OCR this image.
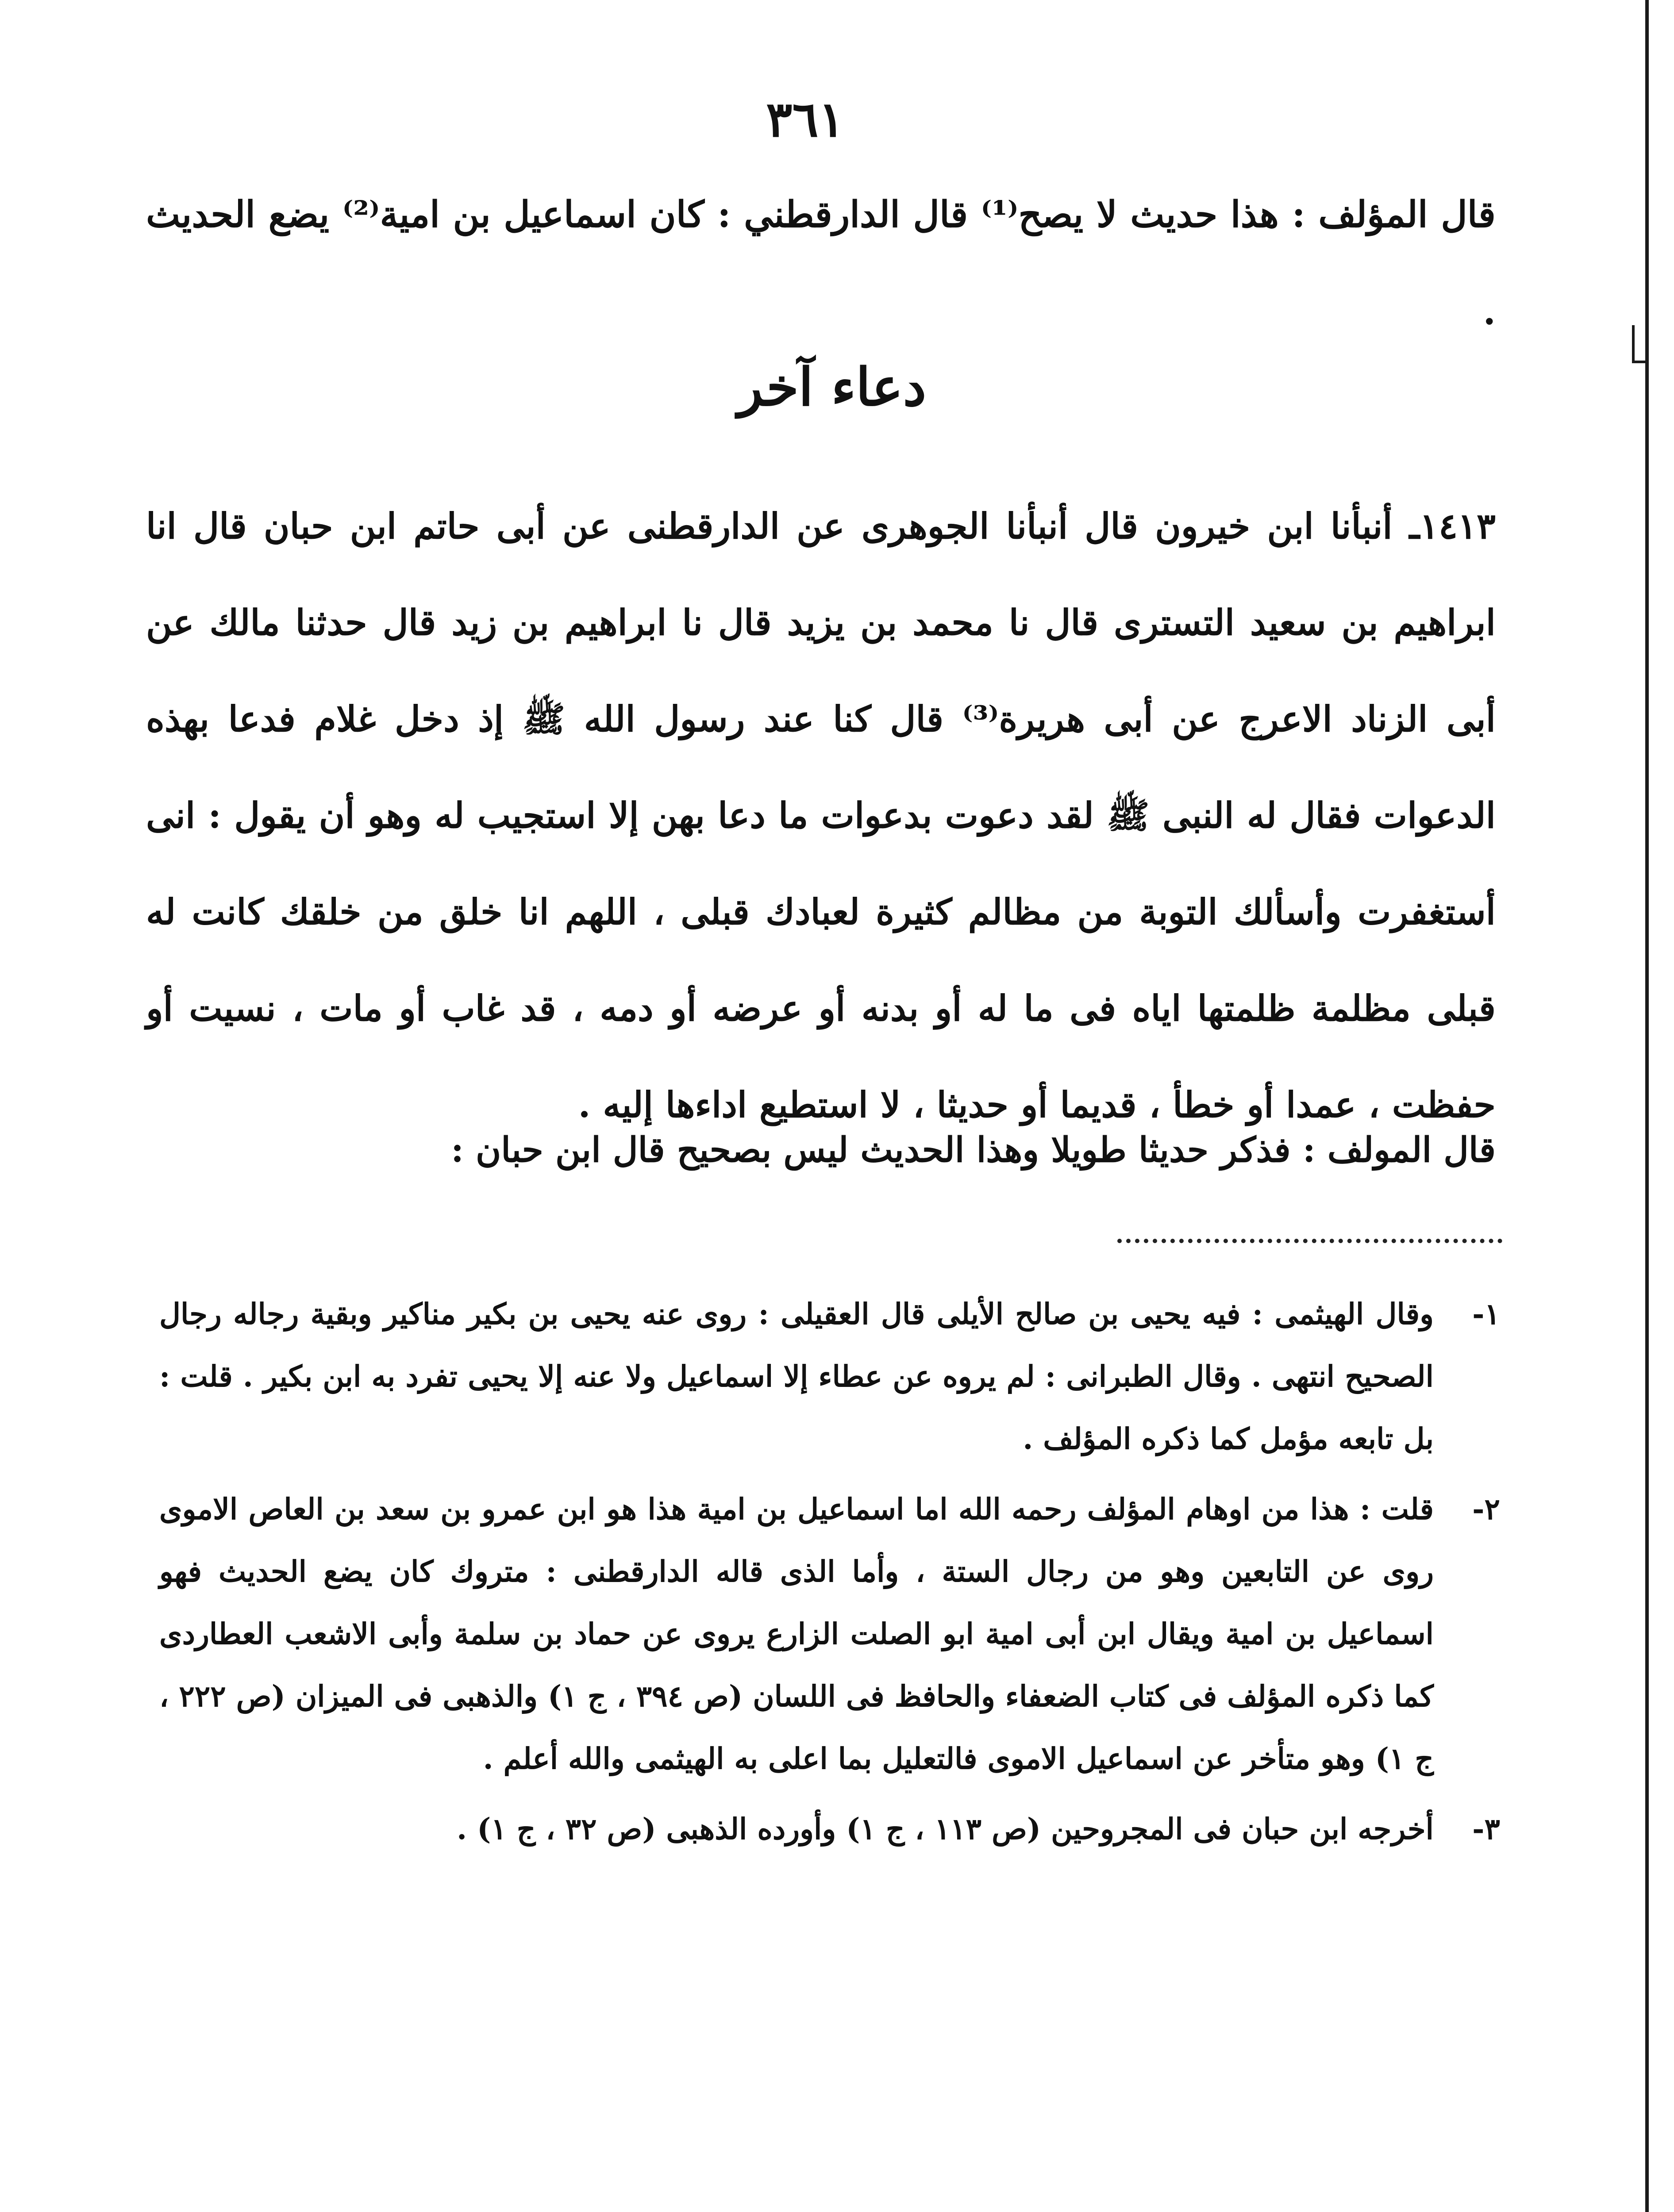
٣٦١
قال المؤلف : هذا حديث لا يصح⁽¹⁾ قال الدارقطني : كان اسماعيل بن امية⁽²⁾ يضع الحديث .
دعاء آخر
١٤١٣ـ أنبأنا ابن خيرون قال أنبأنا الجوهرى عن الدارقطنى عن أبى حاتم ابن حبان قال انا ابراهيم بن سعيد التسترى قال نا محمد بن يزيد قال نا ابراهيم بن زيد قال حدثنا مالك عن أبى الزناد الاعرج عن أبى هريرة⁽³⁾ قال كنا عند رسول الله ﷺ إذ دخل غلام فدعا بهذه الدعوات فقال له النبى ﷺ لقد دعوت بدعوات ما دعا بهن إلا استجيب له وهو أن يقول : انى أستغفرت وأسألك التوبة من مظالم كثيرة لعبادك قبلى ، اللهم انا خلق من خلقك كانت له قبلى مظلمة ظلمتها اياه فى ما له أو بدنه أو عرضه أو دمه ، قد غاب أو مات ، نسيت أو حفظت ، عمدا أو خطأ ، قديما أو حديثا ، لا استطيع اداءها إليه .
قال المولف : فذكر حديثا طويلا وهذا الحديث ليس بصحيح قال ابن حبان :
١-
وقال الهيثمى : فيه يحيى بن صالح الأيلى قال العقيلى : روى عنه يحيى بن بكير مناكير وبقية رجاله رجال الصحيح انتهى . وقال الطبرانى : لم يروه عن عطاء إلا اسماعيل ولا عنه إلا يحيى تفرد به ابن بكير . قلت : بل تابعه مؤمل كما ذكره المؤلف .
٢-
قلت : هذا من اوهام المؤلف رحمه الله اما اسماعيل بن امية هذا هو ابن عمرو بن سعد بن العاص الاموى روى عن التابعين وهو من رجال الستة ، وأما الذى قاله الدارقطنى : متروك كان يضع الحديث فهو اسماعيل بن امية ويقال ابن أبى امية ابو الصلت الزارع يروى عن حماد بن سلمة وأبى الاشعب العطاردى كما ذكره المؤلف فى كتاب الضعفاء والحافظ فى اللسان (ص ٣٩٤ ، ج ١) والذهبى فى الميزان (ص ٢٢٢ ، ج ١) وهو متأخر عن اسماعيل الاموى فالتعليل بما اعلى به الهيثمى والله أعلم .
٣-
أخرجه ابن حبان فى المجروحين (ص ١١٣ ، ج ١) وأورده الذهبى (ص ٣٢ ، ج ١) .
